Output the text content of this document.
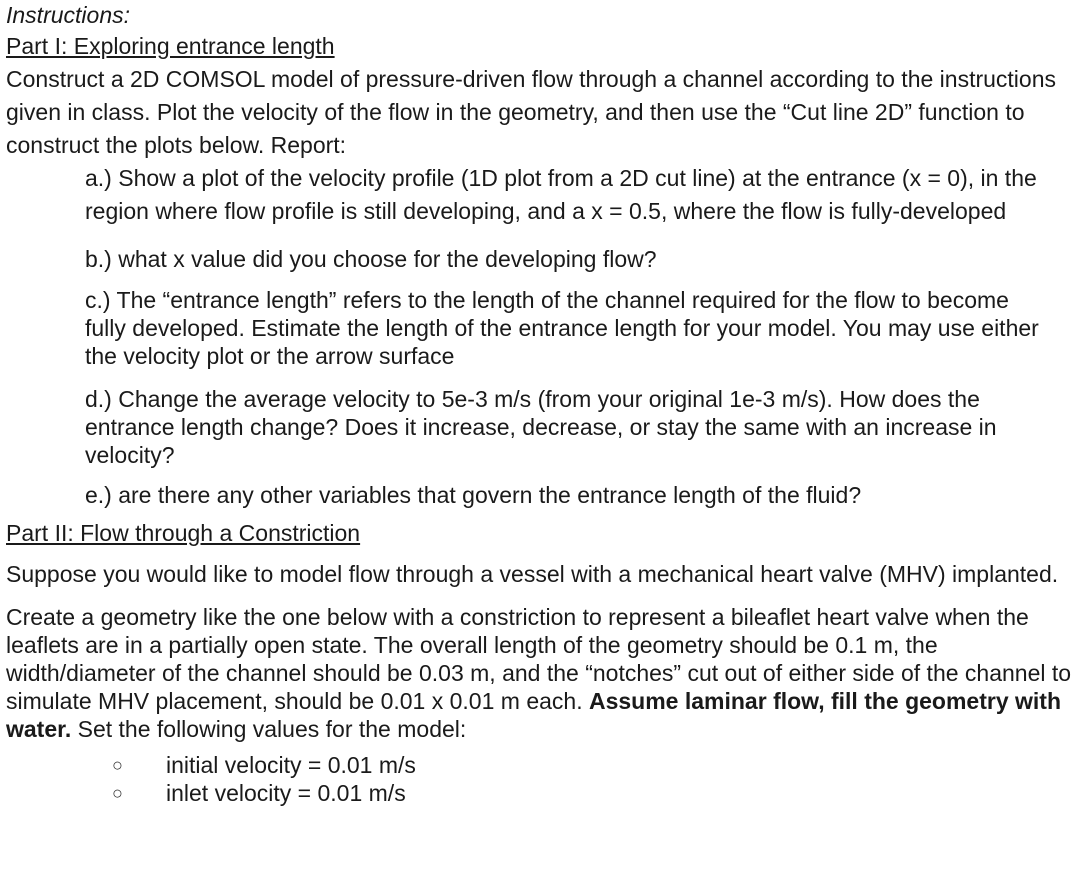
Instructions:
Part I: Exploring entrance length

Construct a 2D COMSOL model of pressure-driven flow through a channel according to the instructions given in class. Plot the velocity of the flow in the geometry, and then use the “Cut line 2D” function to construct the plots below. Report:

a.) Show a plot of the velocity profile (1D plot from a 2D cut line) at the entrance (x = 0), in the region where flow profile is still developing, and a x = 0.5, where the flow is fully-developed

b.) what x value did you choose for the developing flow?

c.) The “entrance length” refers to the length of the channel required for the flow to become fully developed. Estimate the length of the entrance length for your model. You may use either the velocity plot or the arrow surface

d.) Change the average velocity to 5e-3 m/s (from your original 1e-3 m/s). How does the entrance length change? Does it increase, decrease, or stay the same with an increase in velocity?

e.) are there any other variables that govern the entrance length of the fluid?

Part II: Flow through a Constriction

Suppose you would like to model flow through a vessel with a mechanical heart valve (MHV) implanted.

Create a geometry like the one below with a constriction to represent a bileaflet heart valve when the leaflets are in a partially open state. The overall length of the geometry should be 0.1 m, the width/diameter of the channel should be 0.03 m, and the “notches” cut out of either side of the channel to simulate MHV placement, should be 0.01 x 0.01 m each. Assume laminar flow, fill the geometry with water. Set the following values for the model:

○ initial velocity = 0.01 m/s
○ inlet velocity = 0.01 m/s
